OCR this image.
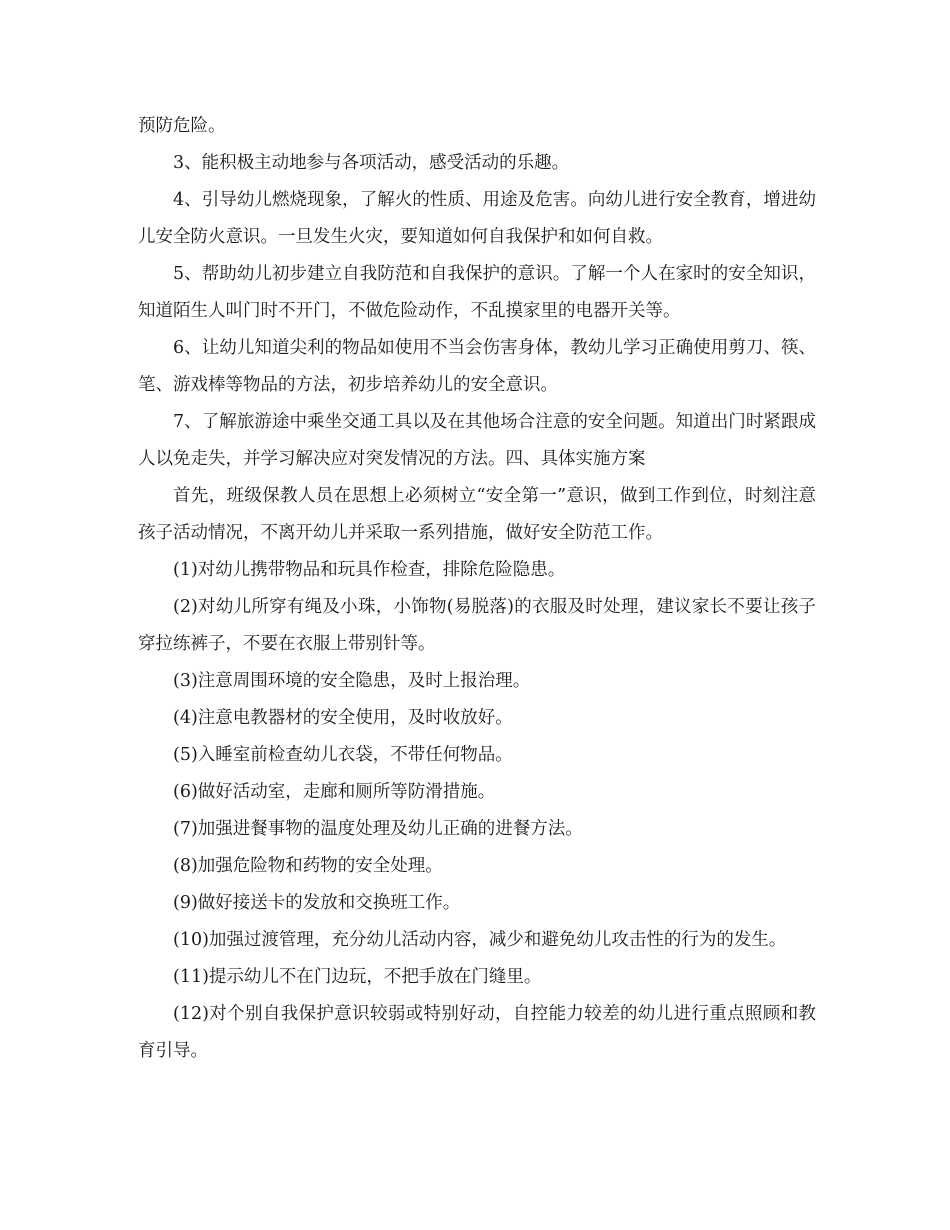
预防危险。

3、能积极主动地参与各项活动，感受活动的乐趣。

4、引导幼儿燃烧现象，了解火的性质、用途及危害。向幼儿进行安全教育，增进幼儿安全防火意识。一旦发生火灾，要知道如何自我保护和如何自救。

5、帮助幼儿初步建立自我防范和自我保护的意识。了解一个人在家时的安全知识，知道陌生人叫门时不开门，不做危险动作，不乱摸家里的电器开关等。

6、让幼儿知道尖利的物品如使用不当会伤害身体，教幼儿学习正确使用剪刀、筷、笔、游戏棒等物品的方法，初步培养幼儿的安全意识。

7、了解旅游途中乘坐交通工具以及在其他场合注意的安全问题。知道出门时紧跟成人以免走失，并学习解决应对突发情况的方法。四、具体实施方案

首先，班级保教人员在思想上必须树立“安全第一”意识，做到工作到位，时刻注意孩子活动情况，不离开幼儿并采取一系列措施，做好安全防范工作。

(1)对幼儿携带物品和玩具作检查，排除危险隐患。

(2)对幼儿所穿有绳及小珠，小饰物(易脱落)的衣服及时处理，建议家长不要让孩子穿拉练裤子，不要在衣服上带别针等。

(3)注意周围环境的安全隐患，及时上报治理。

(4)注意电教器材的安全使用，及时收放好。

(5)入睡室前检查幼儿衣袋，不带任何物品。

(6)做好活动室，走廊和厕所等防滑措施。

(7)加强进餐事物的温度处理及幼儿正确的进餐方法。

(8)加强危险物和药物的安全处理。

(9)做好接送卡的发放和交换班工作。

(10)加强过渡管理，充分幼儿活动内容，减少和避免幼儿攻击性的行为的发生。

(11)提示幼儿不在门边玩，不把手放在门缝里。

(12)对个别自我保护意识较弱或特别好动，自控能力较差的幼儿进行重点照顾和教育引导。
